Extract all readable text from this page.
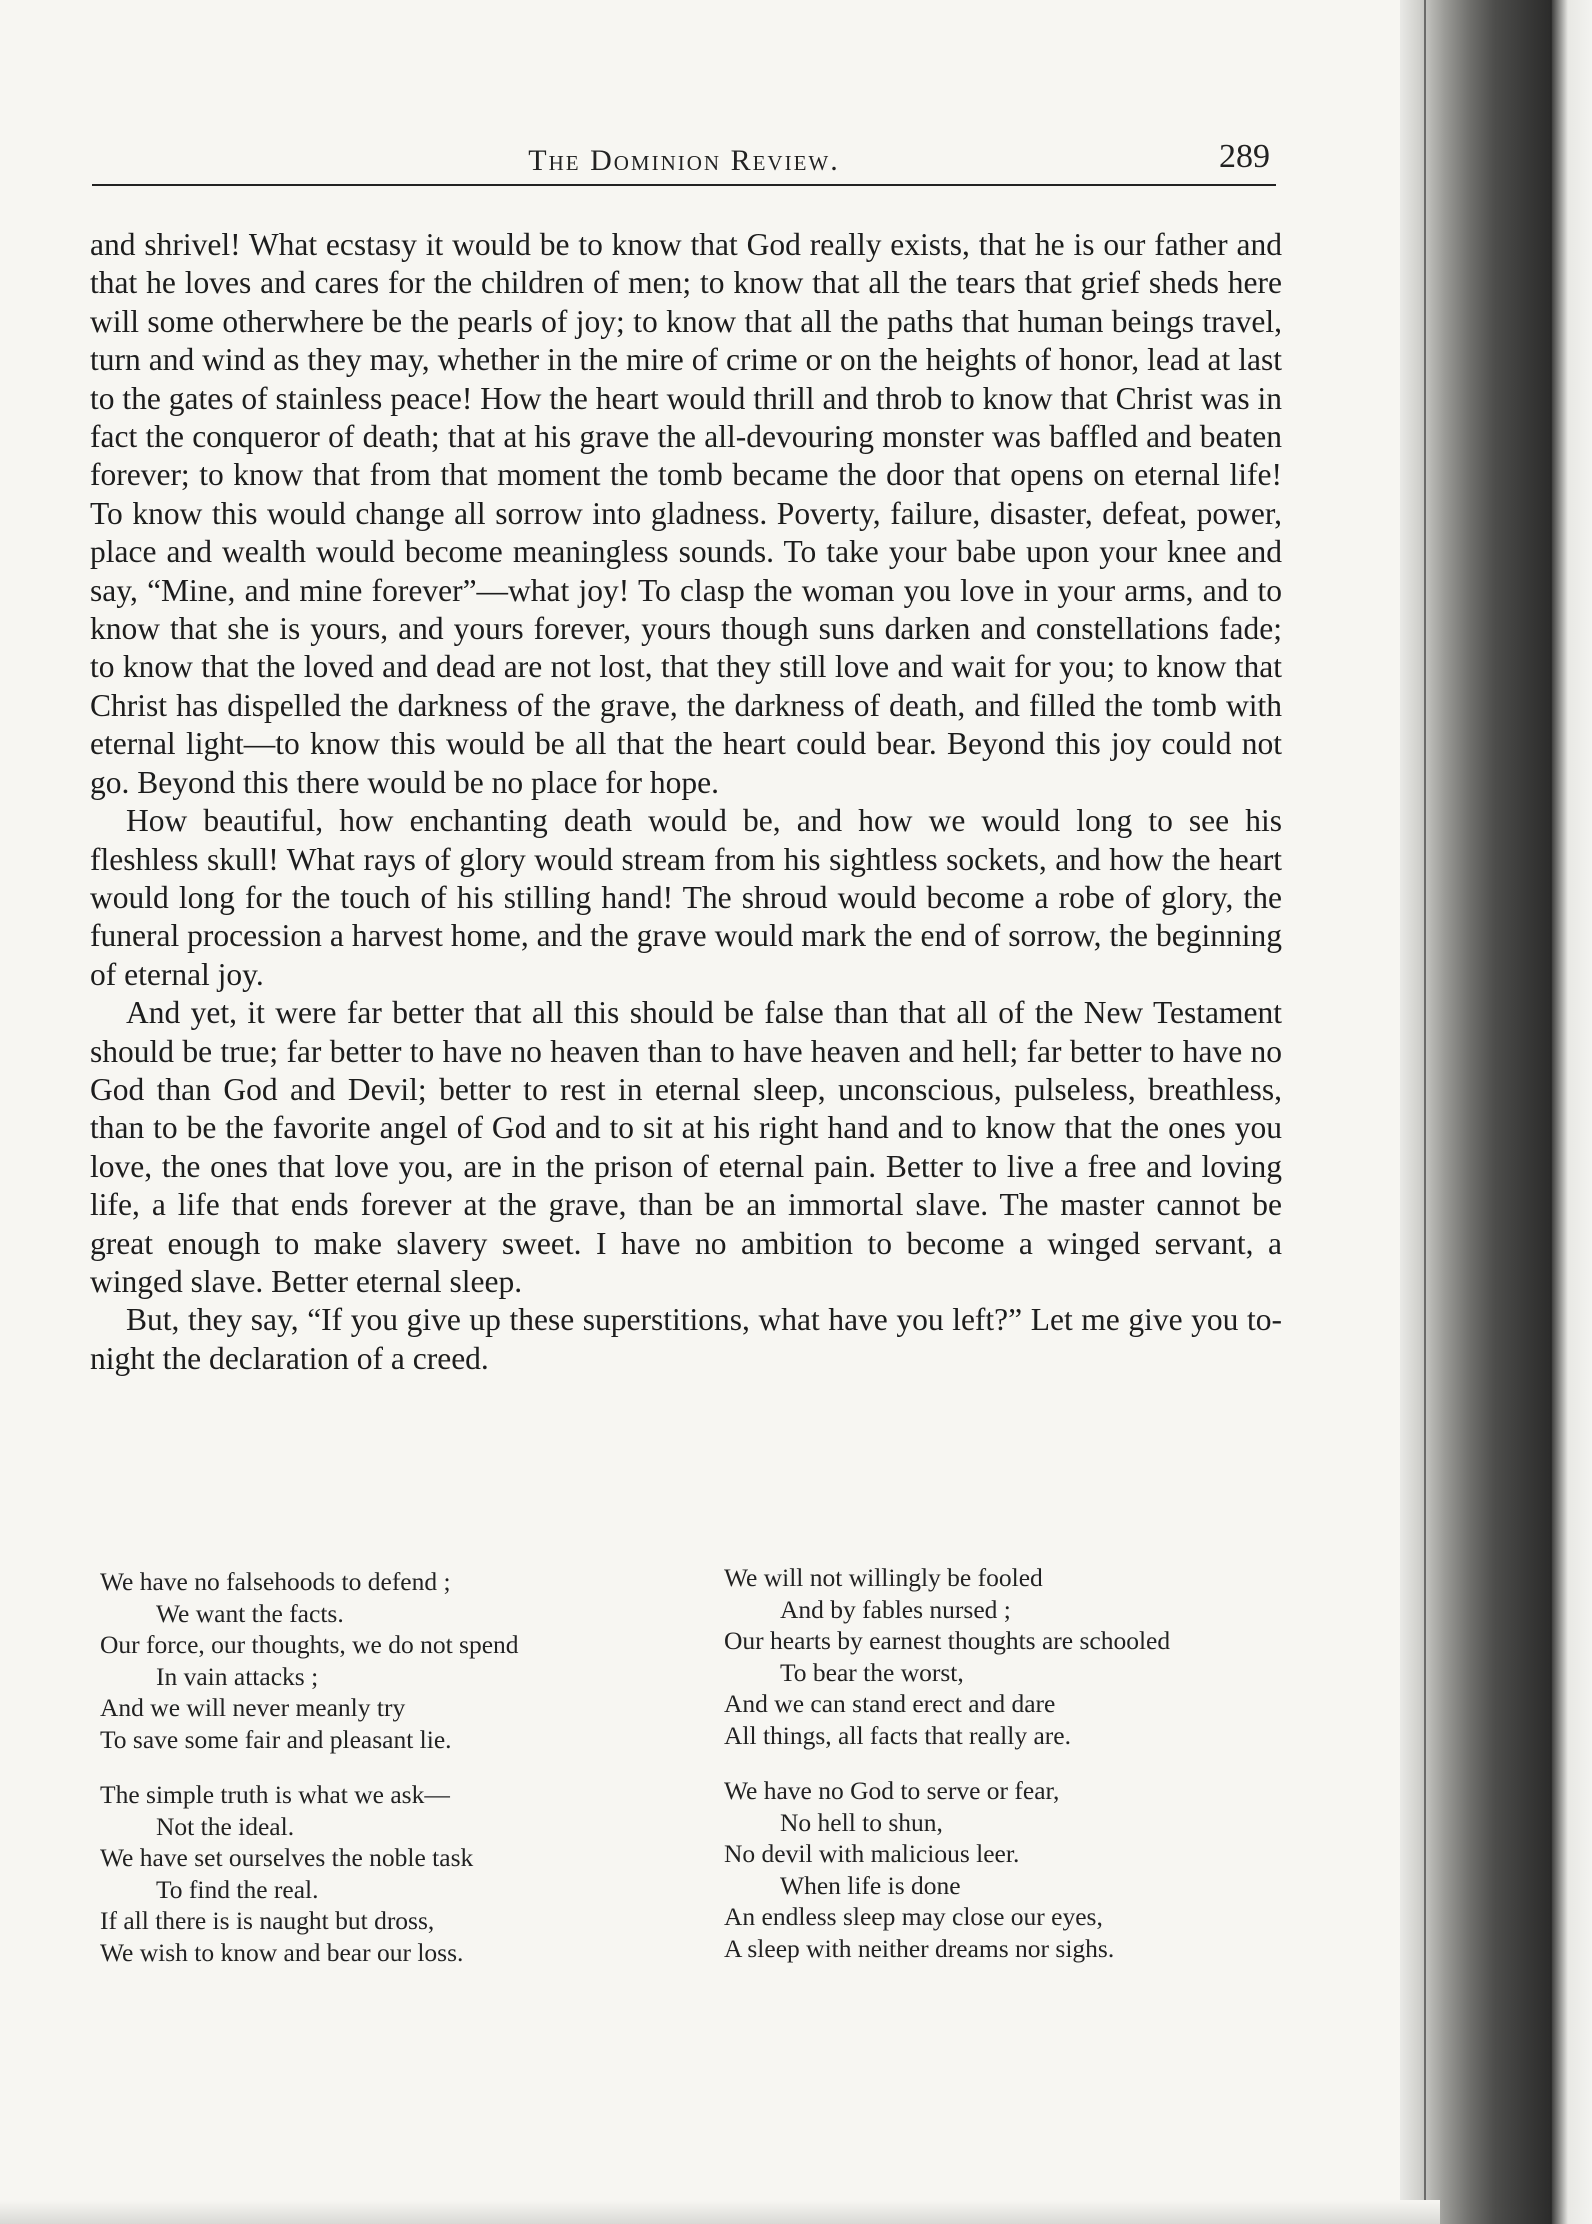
The Dominion Review.	289

and shrivel! What ecstasy it would be to know that God really exists, that he is our father and that he loves and cares for the children of men; to know that all the tears that grief sheds here will some otherwhere be the pearls of joy; to know that all the paths that human beings travel, turn and wind as they may, whether in the mire of crime or on the heights of honor, lead at last to the gates of stainless peace! How the heart would thrill and throb to know that Christ was in fact the conqueror of death; that at his grave the all-devouring monster was baffled and beaten forever; to know that from that moment the tomb became the door that opens on eternal life! To know this would change all sorrow into gladness. Poverty, failure, disaster, defeat, power, place and wealth would become meaningless sounds. To take your babe upon your knee and say, “Mine, and mine forever”—what joy! To clasp the woman you love in your arms, and to know that she is yours, and yours forever, yours though suns darken and constellations fade; to know that the loved and dead are not lost, that they still love and wait for you; to know that Christ has dispelled the darkness of the grave, the darkness of death, and filled the tomb with eternal light—to know this would be all that the heart could bear. Beyond this joy could not go. Beyond this there would be no place for hope.

How beautiful, how enchanting death would be, and how we would long to see his fleshless skull! What rays of glory would stream from his sightless sockets, and how the heart would long for the touch of his stilling hand! The shroud would become a robe of glory, the funeral procession a harvest home, and the grave would mark the end of sorrow, the beginning of eternal joy.

And yet, it were far better that all this should be false than that all of the New Testament should be true; far better to have no heaven than to have heaven and hell; far better to have no God than God and Devil; better to rest in eternal sleep, unconscious, pulseless, breathless, than to be the favorite angel of God and to sit at his right hand and to know that the ones you love, the ones that love you, are in the prison of eternal pain. Better to live a free and loving life, a life that ends forever at the grave, than be an immortal slave. The master cannot be great enough to make slavery sweet. I have no ambition to become a winged servant, a winged slave. Better eternal sleep.

But, they say, “If you give up these superstitions, what have you left?” Let me give you to-night the declaration of a creed.

We have no falsehoods to defend ;
We want the facts.
Our force, our thoughts, we do not spend
In vain attacks ;
And we will never meanly try
To save some fair and pleasant lie.
The simple truth is what we ask—
Not the ideal.
We have set ourselves the noble task
To find the real.
If all there is is naught but dross,
We wish to know and bear our loss.
We will not willingly be fooled
And by fables nursed ;
Our hearts by earnest thoughts are schooled
To bear the worst,
And we can stand erect and dare
All things, all facts that really are.
We have no God to serve or fear,
No hell to shun,
No devil with malicious leer.
When life is done
An endless sleep may close our eyes,
A sleep with neither dreams nor sighs.
